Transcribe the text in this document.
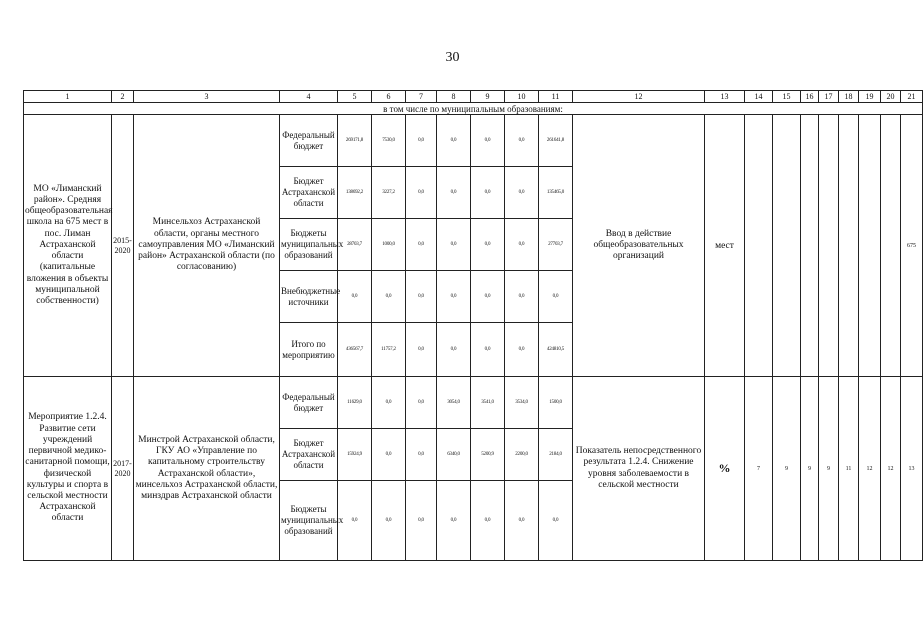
30
1	2	3	4	5	6	7	8	9	10	11	12	13	14	15	16	17	18	19	20	21
в том числе по муниципальным образованиям:																				
МО «Лиманский район». Средняя общеобразовательная школа на 675 мест в пос. Лиман Астраханской области (капитальные вложения в объекты муниципальной собственности)	2015-2020	Минсельхоз Астраханской области, органы местного самоуправления МО «Лиманский район» Астраханской области (по согласованию)	Федеральный бюджет	269171,8	7530,0	0,0	0,0	0,0	0,0	261641,8	Ввод в действие общеобразовательных организаций	мест								675
			Бюджет Астраханской области	138692,2	3227,2	0,0	0,0	0,0	0,0	135465,0										
			Бюджеты муниципальных образований	28703,7	1000,0	0,0	0,0	0,0	0,0	27703,7										
			Внебюджетные источники	0,0	0,0	0,0	0,0	0,0	0,0	0,0										
			Итого по мероприятию	436567,7	11757,2	0,0	0,0	0,0	0,0	424810,5										
Мероприятие 1.2.4. Развитие сети учреждений первичной медико-санитарной помощи, физической культуры и спорта в сельской местности Астраханской области	2017-2020	Минстрой Астраханской области, ГКУ АО «Управление по капитальному строительству Астраханской области», минсельхоз Астраханской области, минздрав Астраханской области	Федеральный бюджет	11629,0	0,0	0,0	3054,0	3541,0	3534,0	1500,0	Показатель непосредственного результата 1.2.4. Снижение уровня заболеваемости в сельской местности	%	7	9	9	9	11	12	12	13
			Бюджет Астраханской области	15924,9	0,0	0,0	6340,0	5200,9	2200,0	2184,0										
			Бюджеты муниципальных образований	0,0	0,0	0,0	0,0	0,0	0,0	0,0										
